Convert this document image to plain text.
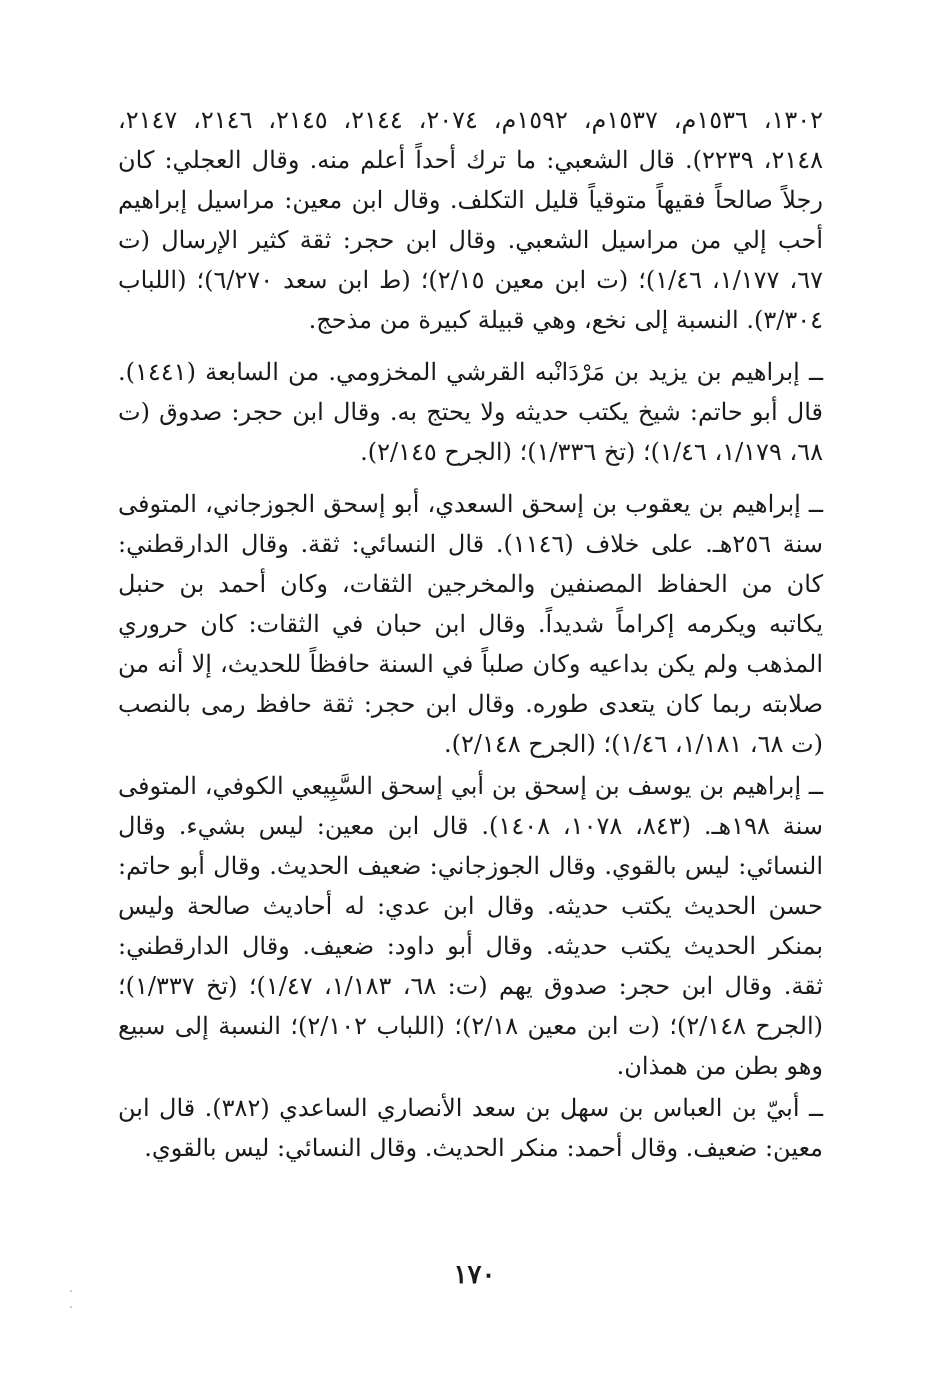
١٣٠٢، ١٥٣٦م، ١٥٣٧م، ١٥٩٢م، ٢٠٧٤، ٢١٤٤، ٢١٤٥، ٢١٤٦، ٢١٤٧، ٢١٤٨، ٢٢٣٩). قال الشعبي: ما ترك أحداً أعلم منه. وقال العجلي: كان رجلاً صالحاً فقيهاً متوقياً قليل التكلف. وقال ابن معين: مراسيل إبراهيم أحب إلي من مراسيل الشعبي. وقال ابن حجر: ثقة كثير الإرسال (ت ٦٧، ١/١٧٧، ١/٤٦)؛ (ت ابن معين ٢/١٥)؛ (ط ابن سعد ٦/٢٧٠)؛ (اللباب ٣/٣٠٤). النسبة إلى نخع، وهي قبيلة كبيرة من مذحج.

ــ إبراهيم بن يزيد بن مَرْدَانْبه القرشي المخزومي. من السابعة (١٤٤١). قال أبو حاتم: شيخ يكتب حديثه ولا يحتج به. وقال ابن حجر: صدوق (ت ٦٨، ١/١٧٩، ١/٤٦)؛ (تخ ١/٣٣٦)؛ (الجرح ٢/١٤٥).

ــ إبراهيم بن يعقوب بن إسحق السعدي، أبو إسحق الجوزجاني، المتوفى سنة ٢٥٦هـ. على خلاف (١١٤٦). قال النسائي: ثقة. وقال الدارقطني: كان من الحفاظ المصنفين والمخرجين الثقات، وكان أحمد بن حنبل يكاتبه ويكرمه إكراماً شديداً. وقال ابن حبان في الثقات: كان حروري المذهب ولم يكن بداعيه وكان صلباً في السنة حافظاً للحديث، إلا أنه من صلابته ربما كان يتعدى طوره. وقال ابن حجر: ثقة حافظ رمى بالنصب (ت ٦٨، ١/١٨١، ١/٤٦)؛ (الجرح ٢/١٤٨).

ــ إبراهيم بن يوسف بن إسحق بن أبي إسحق السَّبِيعي الكوفي، المتوفى سنة ١٩٨هـ. (٨٤٣، ١٠٧٨، ١٤٠٨). قال ابن معين: ليس بشيء. وقال النسائي: ليس بالقوي. وقال الجوزجاني: ضعيف الحديث. وقال أبو حاتم: حسن الحديث يكتب حديثه. وقال ابن عدي: له أحاديث صالحة وليس بمنكر الحديث يكتب حديثه. وقال أبو داود: ضعيف. وقال الدارقطني: ثقة. وقال ابن حجر: صدوق يهم (ت: ٦٨، ١/١٨٣، ١/٤٧)؛ (تخ ١/٣٣٧)؛ (الجرح ٢/١٤٨)؛ (ت ابن معين ٢/١٨)؛ (اللباب ٢/١٠٢)؛ النسبة إلى سبيع وهو بطن من همذان.

ــ أبيّ بن العباس بن سهل بن سعد الأنصاري الساعدي (٣٨٢). قال ابن معين: ضعيف. وقال أحمد: منكر الحديث. وقال النسائي: ليس بالقوي.

١٧٠
